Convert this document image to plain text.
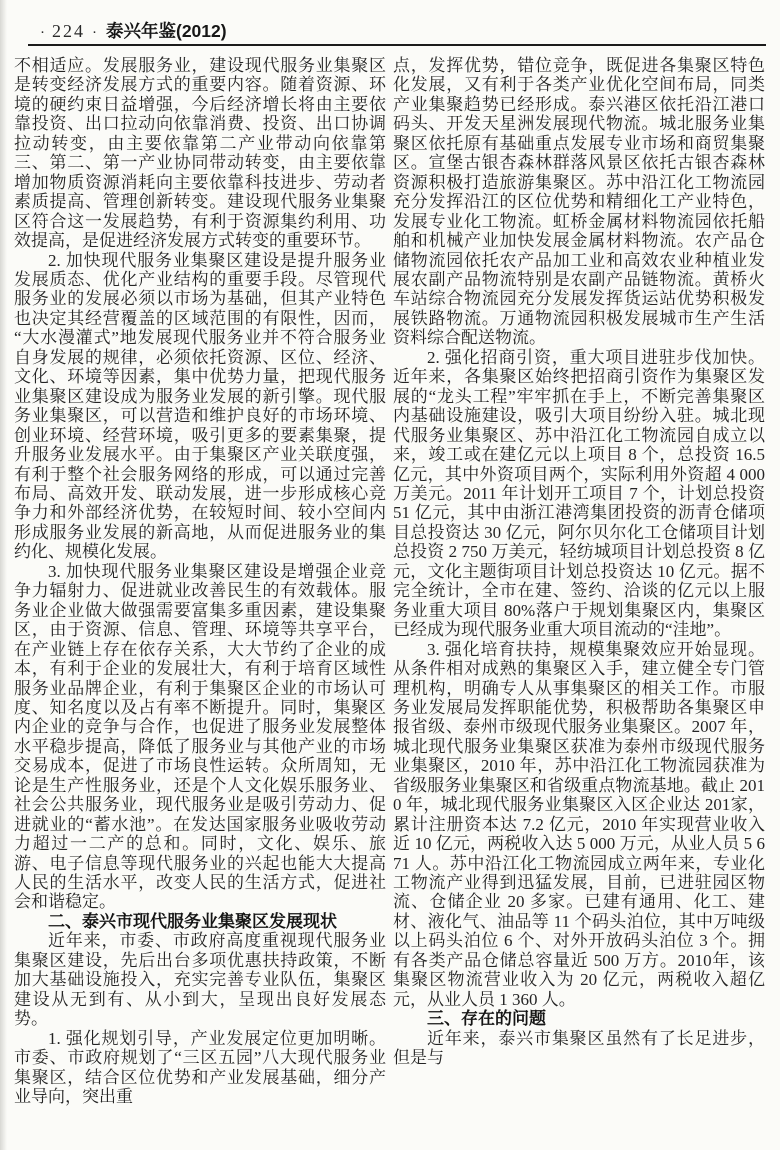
· 224 · 泰兴年鉴(2012)

不相适应。发展服务业，建设现代服务业集聚区是转变经济发展方式的重要内容。随着资源、环境的硬约束日益增强，今后经济增长将由主要依靠投资、出口拉动向依靠消费、投资、出口协调拉动转变，由主要依靠第二产业带动向依靠第三、第二、第一产业协同带动转变，由主要依靠增加物质资源消耗向主要依靠科技进步、劳动者素质提高、管理创新转变。建设现代服务业集聚区符合这一发展趋势，有利于资源集约利用、功效提高，是促进经济发展方式转变的重要环节。

2. 加快现代服务业集聚区建设是提升服务业发展质态、优化产业结构的重要手段。尽管现代服务业的发展必须以市场为基础，但其产业特色也决定其经营覆盖的区域范围的有限性，因而，“大水漫灌式”地发展现代服务业并不符合服务业自身发展的规律，必须依托资源、区位、经济、文化、环境等因素，集中优势力量，把现代服务业集聚区建设成为服务业发展的新引擎。现代服务业集聚区，可以营造和维护良好的市场环境、创业环境、经营环境，吸引更多的要素集聚，提升服务业发展水平。由于集聚区产业关联度强，有利于整个社会服务网络的形成，可以通过完善布局、高效开发、联动发展，进一步形成核心竞争力和外部经济优势，在较短时间、较小空间内形成服务业发展的新高地，从而促进服务业的集约化、规模化发展。

3. 加快现代服务业集聚区建设是增强企业竞争力辐射力、促进就业改善民生的有效载体。服务业企业做大做强需要富集多重因素，建设集聚区，由于资源、信息、管理、环境等共享平台，在产业链上存在依存关系，大大节约了企业的成本，有利于企业的发展壮大，有利于培育区域性服务业品牌企业，有利于集聚区企业的市场认可度、知名度以及占有率不断提升。同时，集聚区内企业的竞争与合作，也促进了服务业发展整体水平稳步提高，降低了服务业与其他产业的市场交易成本，促进了市场良性运转。众所周知，无论是生产性服务业，还是个人文化娱乐服务业、社会公共服务业，现代服务业是吸引劳动力、促进就业的“蓄水池”。在发达国家服务业吸收劳动力超过一二产的总和。同时，文化、娱乐、旅游、电子信息等现代服务业的兴起也能大大提高人民的生活水平，改变人民的生活方式，促进社会和谐稳定。

二、泰兴市现代服务业集聚区发展现状

近年来，市委、市政府高度重视现代服务业集聚区建设，先后出台多项优惠扶持政策，不断加大基础设施投入，充实完善专业队伍，集聚区建设从无到有、从小到大，呈现出良好发展态势。

1. 强化规划引导，产业发展定位更加明晰。市委、市政府规划了“三区五园”八大现代服务业集聚区，结合区位优势和产业发展基础，细分产业导向，突出重

点，发挥优势，错位竞争，既促进各集聚区特色化发展，又有利于各类产业优化空间布局，同类产业集聚趋势已经形成。泰兴港区依托沿江港口码头、开发天星洲发展现代物流。城北服务业集聚区依托原有基础重点发展专业市场和商贸集聚区。宣堡古银杏森林群落风景区依托古银杏森林资源积极打造旅游集聚区。苏中沿江化工物流园充分发挥沿江的区位优势和精细化工产业特色，发展专业化工物流。虹桥金属材料物流园依托船舶和机械产业加快发展金属材料物流。农产品仓储物流园依托农产品加工业和高效农业种植业发展农副产品物流特别是农副产品链物流。黄桥火车站综合物流园充分发展发挥货运站优势积极发展铁路物流。万通物流园积极发展城市生产生活资料综合配送物流。

2. 强化招商引资，重大项目进驻步伐加快。近年来，各集聚区始终把招商引资作为集聚区发展的“龙头工程”牢牢抓在手上，不断完善集聚区内基础设施建设，吸引大项目纷纷入驻。城北现代服务业集聚区、苏中沿江化工物流园自成立以来，竣工或在建亿元以上项目 8 个，总投资 16.5 亿元，其中外资项目两个，实际利用外资超 4 000 万美元。2011 年计划开工项目 7 个，计划总投资 51 亿元，其中由浙江港湾集团投资的沥青仓储项目总投资达 30 亿元，阿尔贝尔化工仓储项目计划总投资 2 750 万美元，轻纺城项目计划总投资 8 亿元，文化主题街项目计划总投资达 10 亿元。据不完全统计，全市在建、签约、洽谈的亿元以上服务业重大项目 80%落户于规划集聚区内，集聚区已经成为现代服务业重大项目流动的“洼地”。

3. 强化培育扶持，规模集聚效应开始显现。从条件相对成熟的集聚区入手，建立健全专门管理机构，明确专人从事集聚区的相关工作。市服务业发展局发挥职能优势，积极帮助各集聚区申报省级、泰州市级现代服务业集聚区。2007 年，城北现代服务业集聚区获准为泰州市级现代服务业集聚区，2010 年，苏中沿江化工物流园获准为省级服务业集聚区和省级重点物流基地。截止 2010 年，城北现代服务业集聚区入区企业达 201家，累计注册资本达 7.2 亿元，2010 年实现营业收入近 10 亿元，两税收入达 5 000 万元，从业人员 5 671 人。苏中沿江化工物流园成立两年来，专业化工物流产业得到迅猛发展，目前，已进驻园区物流、仓储企业 20 多家。已建有通用、化工、建材、液化气、油品等 11 个码头泊位，其中万吨级以上码头泊位 6 个、对外开放码头泊位 3 个。拥有各类产品仓储总容量近 500 万方。2010年，该集聚区物流营业收入为 20 亿元，两税收入超亿元，从业人员 1 360 人。

三、存在的问题

近年来，泰兴市集聚区虽然有了长足进步，但是与
